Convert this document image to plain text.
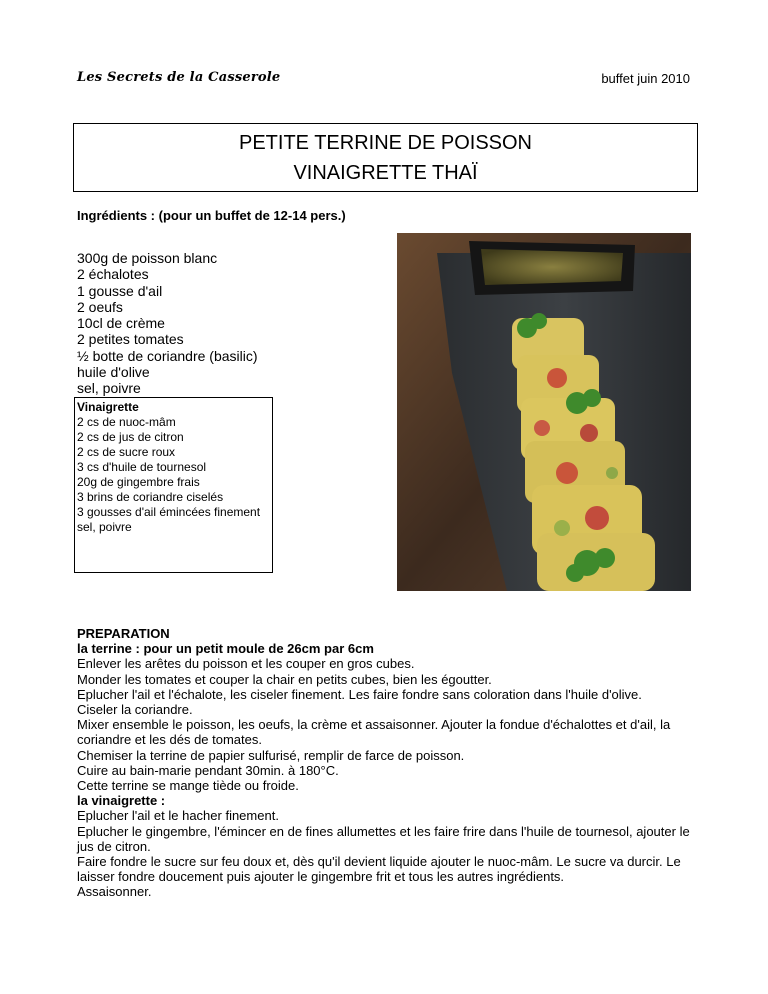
Les Secrets de la Casserole	buffet juin 2010
PETITE TERRINE DE POISSON
VINAIGRETTE THAÏ
Ingrédients : (pour un buffet de 12-14 pers.)
300g de poisson blanc
2 échalotes
1 gousse d'ail
2 oeufs
10cl de crème
2 petites tomates
½ botte de coriandre (basilic)
huile d'olive
sel, poivre
Vinaigrette
2 cs de nuoc-mâm
2 cs de jus de citron
2 cs de sucre roux
3 cs d'huile de tournesol
20g de gingembre frais
3 brins de coriandre ciselés
3 gousses d'ail émincées finement
sel, poivre
PREPARATION
la terrine : pour un petit moule de 26cm par 6cm
Enlever les arêtes du poisson et les couper en gros cubes.
Monder les tomates et couper la chair en petits cubes, bien les égoutter.
Eplucher l'ail et l'échalote, les ciseler finement. Les faire fondre sans coloration dans l'huile d'olive.
Ciseler la coriandre.
Mixer ensemble le poisson, les oeufs, la crème et assaisonner. Ajouter la fondue d'échalottes et d'ail, la coriandre et les dés de tomates.
Chemiser la terrine de papier sulfurisé, remplir de farce de poisson.
Cuire au bain-marie pendant 30min. à 180°C.
Cette terrine se mange tiède ou froide.
la vinaigrette :
Eplucher l'ail et le hacher finement.
Eplucher le gingembre, l'émincer en de fines allumettes et les faire frire dans l'huile de tournesol, ajouter le jus de citron.
Faire fondre le sucre sur feu doux et, dès qu'il devient liquide ajouter le nuoc-mâm. Le sucre va durcir. Le laisser fondre doucement puis ajouter le gingembre frit et tous les autres ingrédients.
Assaisonner.
